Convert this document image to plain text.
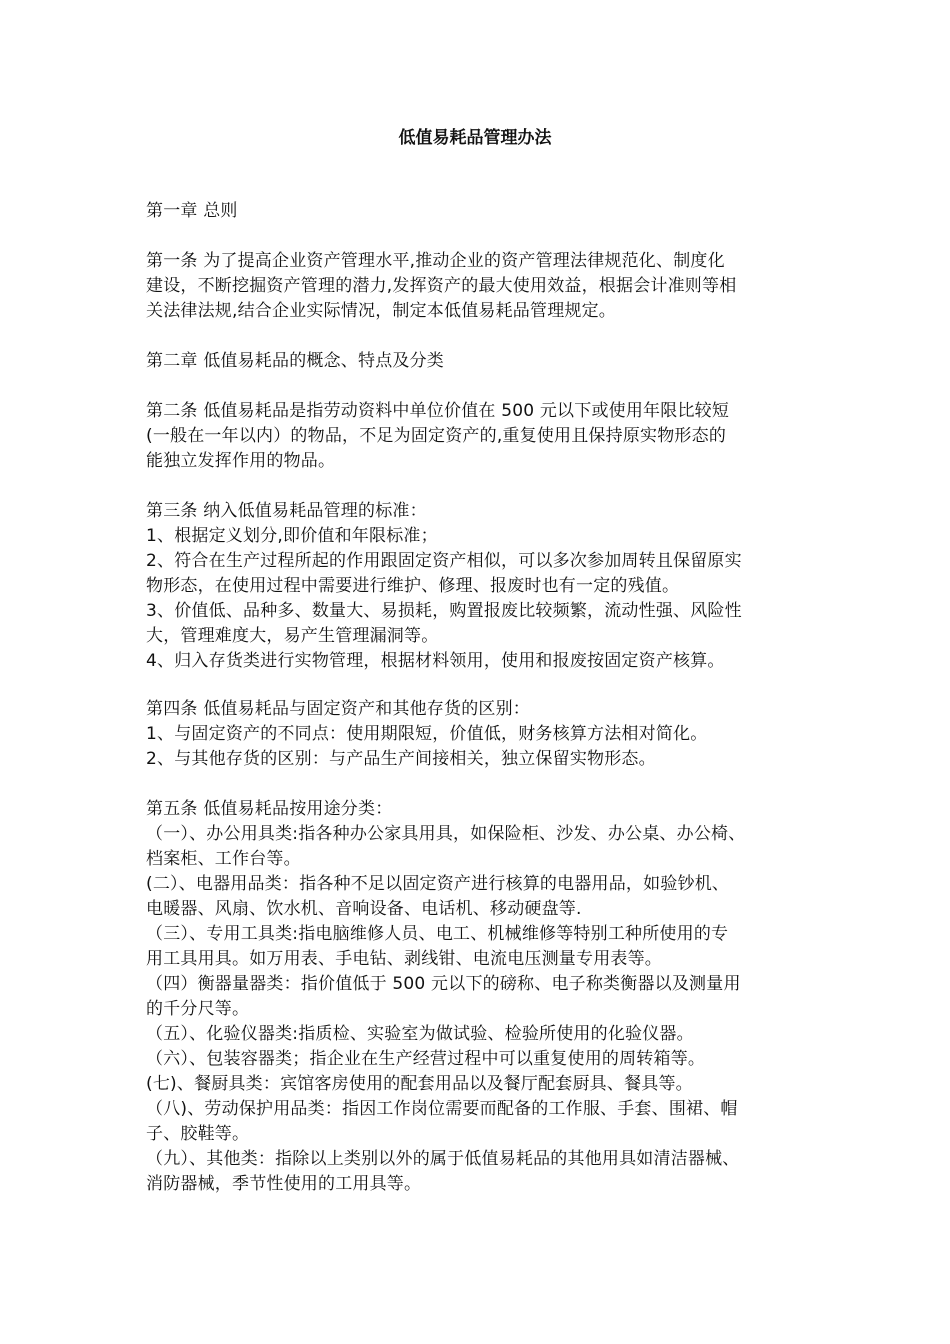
低值易耗品管理办法
第一章 总则
第一条 为了提高企业资产管理水平,推动企业的资产管理法律规范化、制度化
建设，不断挖掘资产管理的潜力,发挥资产的最大使用效益，根据会计准则等相
关法律法规,结合企业实际情况，制定本低值易耗品管理规定。
第二章 低值易耗品的概念、特点及分类
第二条 低值易耗品是指劳动资料中单位价值在 500 元以下或使用年限比较短
(一般在一年以内）的物品，不足为固定资产的,重复使用且保持原实物形态的
能独立发挥作用的物品。
第三条 纳入低值易耗品管理的标准：
1、根据定义划分,即价值和年限标准；
2、符合在生产过程所起的作用跟固定资产相似，可以多次参加周转且保留原实
物形态，在使用过程中需要进行维护、修理、报废时也有一定的残值。
3、价值低、品种多、数量大、易损耗，购置报废比较频繁，流动性强、风险性
大，管理难度大，易产生管理漏洞等。
4、归入存货类进行实物管理，根据材料领用，使用和报废按固定资产核算。
第四条 低值易耗品与固定资产和其他存货的区别：
1、与固定资产的不同点：使用期限短，价值低，财务核算方法相对简化。
2、与其他存货的区别：与产品生产间接相关，独立保留实物形态。
第五条 低值易耗品按用途分类：
（一）、办公用具类:指各种办公家具用具，如保险柜、沙发、办公桌、办公椅、
档案柜、工作台等。
(二）、电器用品类：指各种不足以固定资产进行核算的电器用品，如验钞机、
电暖器、风扇、饮水机、音响设备、电话机、移动硬盘等.
（三）、专用工具类:指电脑维修人员、电工、机械维修等特别工种所使用的专
用工具用具。如万用表、手电钻、剥线钳、电流电压测量专用表等。
（四）衡器量器类：指价值低于 500 元以下的磅称、电子称类衡器以及测量用
的千分尺等。
（五）、化验仪器类:指质检、实验室为做试验、检验所使用的化验仪器。
（六）、包装容器类；指企业在生产经营过程中可以重复使用的周转箱等。
(七)、餐厨具类：宾馆客房使用的配套用品以及餐厅配套厨具、餐具等。
（八)、劳动保护用品类：指因工作岗位需要而配备的工作服、手套、围裙、帽
子、胶鞋等。
（九）、其他类：指除以上类别以外的属于低值易耗品的其他用具如清洁器械、
消防器械，季节性使用的工用具等。
